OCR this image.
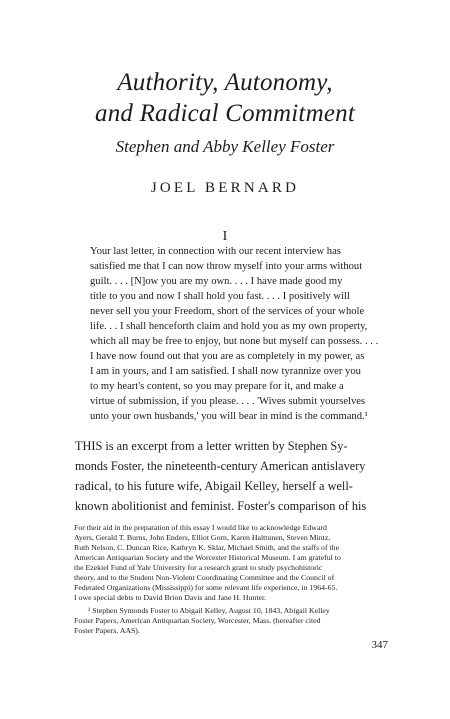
Authority, Autonomy,
and Radical Commitment
Stephen and Abby Kelley Foster
JOEL BERNARD
I
Your last letter, in connection with our recent interview has
satisfied me that I can now throw myself into your arms without
guilt. . . . [N]ow you are my own. . . . I have made good my
title to you and now I shall hold you fast. . . . I positively will
never sell you your Freedom, short of the services of your whole
life. . . I shall henceforth claim and hold you as my own property,
which all may be free to enjoy, but none but myself can possess. . . .
I have now found out that you are as completely in my power, as
I am in yours, and I am satisfied. I shall now tyrannize over you
to my heart's content, so you may prepare for it, and make a
virtue of submission, if you please. . . . 'Wives submit yourselves
unto your own husbands,' you will bear in mind is the command.¹
THIS is an excerpt from a letter written by Stephen Sy-
monds Foster, the nineteenth-century American antislavery
radical, to his future wife, Abigail Kelley, herself a well-
known abolitionist and feminist. Foster's comparison of his
For their aid in the preparation of this essay I would like to acknowledge Edward
Ayers, Gerald T. Burns, John Enders, Elliot Gorn, Karen Halttunen, Steven Mintz,
Ruth Nelson, C. Duncan Rice, Kathryn K. Sklar, Michael Smith, and the staffs of the
American Antiquarian Society and the Worcester Historical Museum. I am grateful to
the Ezekiel Fund of Yale University for a research grant to study psychohistoric
theory, and to the Student Non-Violent Coordinating Committee and the Council of
Federated Organizations (Mississippi) for some relevant life experience, in 1964-65.
I owe special debts to David Brion Davis and Jane H. Hunter.
¹ Stephen Symonds Foster to Abigail Kelley, August 10, 1843, Abigail Kelley
Foster Papers, American Antiquarian Society, Worcester, Mass. (hereafter cited
Foster Papers, AAS).
347
